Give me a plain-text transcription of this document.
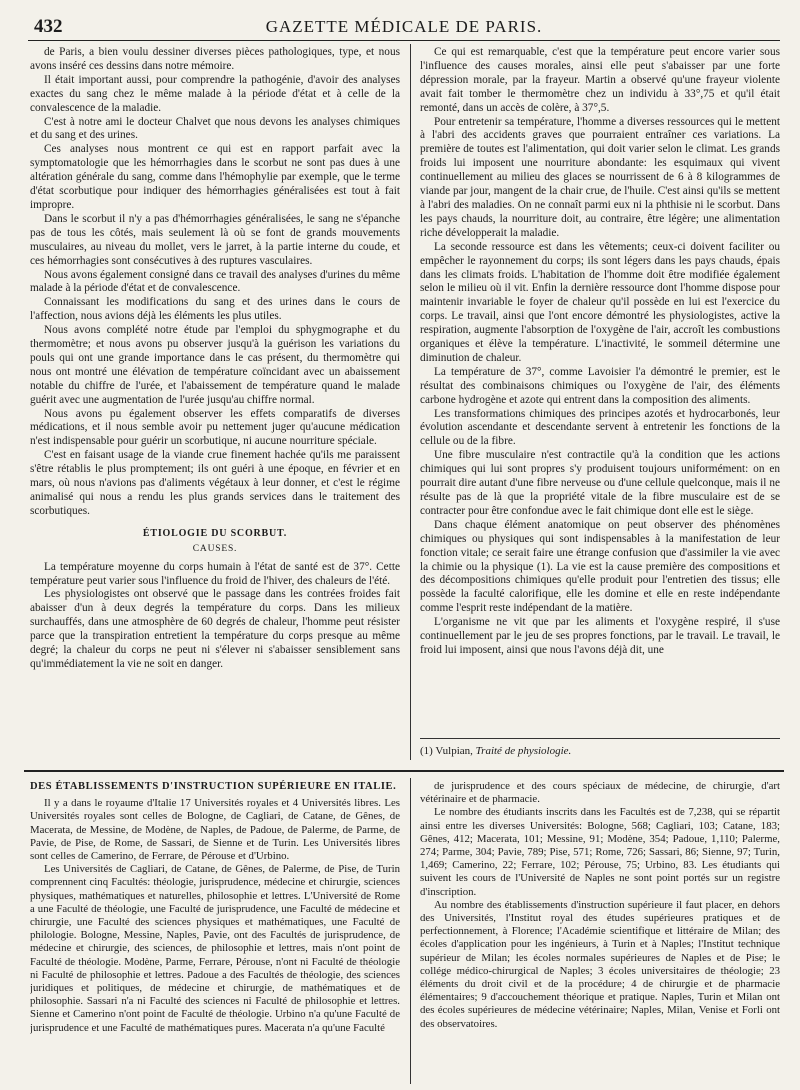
432	GAZETTE MÉDICALE DE PARIS.

de Paris, a bien voulu dessiner diverses pièces pathologiques, type, et nous avons inséré ces dessins dans notre mémoire.

Il était important aussi, pour comprendre la pathogénie, d'avoir des analyses exactes du sang chez le même malade à la période d'état et à celle de la convalescence de la maladie.

C'est à notre ami le docteur Chalvet que nous devons les analyses chimiques et du sang et des urines.

Ces analyses nous montrent ce qui est en rapport parfait avec la symptomatologie que les hémorrhagies dans le scorbut ne sont pas dues à une altération générale du sang, comme dans l'hémophylie par exemple, que le terme d'état scorbutique pour indiquer des hémorrhagies généralisées est tout à fait impropre.

Dans le scorbut il n'y a pas d'hémorrhagies généralisées, le sang ne s'épanche pas de tous les côtés, mais seulement là où se font de grands mouvements musculaires, au niveau du mollet, vers le jarret, à la partie interne du coude, et ces hémorrhagies sont consécutives à des ruptures vasculaires.

Nous avons également consigné dans ce travail des analyses d'urines du même malade à la période d'état et de convalescence.

Connaissant les modifications du sang et des urines dans le cours de l'affection, nous avions déjà les éléments les plus utiles.

Nous avons complété notre étude par l'emploi du sphygmographe et du thermomètre; et nous avons pu observer jusqu'à la guérison les variations du pouls qui ont une grande importance dans le cas présent, du thermomètre qui nous ont montré une élévation de température coïncidant avec un abaissement notable du chiffre de l'urée, et l'abaissement de température quand le malade guérit avec une augmentation de l'urée jusqu'au chiffre normal.

Nous avons pu également observer les effets comparatifs de diverses médications, et il nous semble avoir pu nettement juger qu'aucune médication n'est indispensable pour guérir un scorbutique, ni aucune nourriture spéciale.

C'est en faisant usage de la viande crue finement hachée qu'ils me paraissent s'être rétablis le plus promptement; ils ont guéri à une époque, en février et en mars, où nous n'avions pas d'aliments végétaux à leur donner, et c'est le régime animalisé qui nous a rendu les plus grands services dans le traitement des scorbutiques.

ÉTIOLOGIE DU SCORBUT.
CAUSES.

La température moyenne du corps humain à l'état de santé est de 37°. Cette température peut varier sous l'influence du froid de l'hiver, des chaleurs de l'été.

Les physiologistes ont observé que le passage dans les contrées froides fait abaisser d'un à deux degrés la température du corps. Dans les milieux surchauffés, dans une atmosphère de 60 degrés de chaleur, l'homme peut résister parce que la transpiration entretient la température du corps presque au même degré; la chaleur du corps ne peut ni s'élever ni s'abaisser sensiblement sans qu'immédiatement la vie ne soit en danger.

Ce qui est remarquable, c'est que la température peut encore varier sous l'influence des causes morales, ainsi elle peut s'abaisser par une forte dépression morale, par la frayeur. Martin a observé qu'une frayeur violente avait fait tomber le thermomètre chez un individu à 33°,75 et qu'il était remonté, dans un accès de colère, à 37°,5.

Pour entretenir sa température, l'homme a diverses ressources qui le mettent à l'abri des accidents graves que pourraient entraîner ces variations. La première de toutes est l'alimentation, qui doit varier selon le climat. Les grands froids lui imposent une nourriture abondante: les esquimaux qui vivent continuellement au milieu des glaces se nourrissent de 6 à 8 kilogrammes de viande par jour, mangent de la chair crue, de l'huile. C'est ainsi qu'ils se mettent à l'abri des maladies. On ne connaît parmi eux ni la phthisie ni le scorbut. Dans les pays chauds, la nourriture doit, au contraire, être légère; une alimentation riche développerait la maladie.

La seconde ressource est dans les vêtements; ceux-ci doivent faciliter ou empêcher le rayonnement du corps; ils sont légers dans les pays chauds, épais dans les climats froids. L'habitation de l'homme doit être modifiée également selon le milieu où il vit. Enfin la dernière ressource dont l'homme dispose pour maintenir invariable le foyer de chaleur qu'il possède en lui est l'exercice du corps. Le travail, ainsi que l'ont encore démontré les physiologistes, active la respiration, augmente l'absorption de l'oxygène de l'air, accroît les combustions organiques et élève la température. L'inactivité, le sommeil détermine une diminution de chaleur.

La température de 37°, comme Lavoisier l'a démontré le premier, est le résultat des combinaisons chimiques ou l'oxygène de l'air, des éléments carbone hydrogène et azote qui entrent dans la composition des aliments.

Les transformations chimiques des principes azotés et hydrocarbonés, leur évolution ascendante et descendante servent à entretenir les fonctions de la cellule ou de la fibre.

Une fibre musculaire n'est contractile qu'à la condition que les actions chimiques qui lui sont propres s'y produisent toujours uniformément: on en pourrait dire autant d'une fibre nerveuse ou d'une cellule quelconque, mais il ne résulte pas de là que la propriété vitale de la fibre musculaire est de se contracter pour être confondue avec le fait chimique dont elle est le siège.

Dans chaque élément anatomique on peut observer des phénomènes chimiques ou physiques qui sont indispensables à la manifestation de leur fonction vitale; ce serait faire une étrange confusion que d'assimiler la vie avec la chimie ou la physique (1). La vie est la cause première des compositions et des décompositions chimiques qu'elle produit pour l'entretien des tissus; elle possède la faculté calorifique, elle les domine et elle en reste indépendante comme l'esprit reste indépendant de la matière.

L'organisme ne vit que par les aliments et l'oxygène respiré, il s'use continuellement par le jeu de ses propres fonctions, par le travail. Le travail, le froid lui imposent, ainsi que nous l'avons déjà dit, une

(1) Vulpian, Traité de physiologie.
DES ÉTABLISSEMENTS D'INSTRUCTION SUPÉRIEURE EN ITALIE.

Il y a dans le royaume d'Italie 17 Universités royales et 4 Universités libres. Les Universités royales sont celles de Bologne, de Cagliari, de Catane, de Gênes, de Macerata, de Messine, de Modène, de Naples, de Padoue, de Palerme, de Parme, de Pavie, de Pise, de Rome, de Sassari, de Sienne et de Turin. Les Universités libres sont celles de Camerino, de Ferrare, de Pérouse et d'Urbino.

Les Universités de Cagliari, de Catane, de Gênes, de Palerme, de Pise, de Turin comprennent cinq Facultés: théologie, jurisprudence, médecine et chirurgie, sciences physiques, mathématiques et naturelles, philosophie et lettres. L'Université de Rome a une Faculté de théologie, une Faculté de jurisprudence, une Faculté de médecine et chirurgie, une Faculté des sciences physiques et mathématiques, une Faculté de philologie. Bologne, Messine, Naples, Pavie, ont des Facultés de jurisprudence, de médecine et chirurgie, des sciences, de philosophie et lettres, mais n'ont point de Faculté de théologie. Modène, Parme, Ferrare, Pérouse, n'ont ni Faculté de théologie ni Faculté de philosophie et lettres. Padoue a des Facultés de théologie, des sciences juridiques et politiques, de médecine et chirurgie, de mathématiques et de philosophie. Sassari n'a ni Faculté des sciences ni Faculté de philosophie et lettres. Sienne et Camerino n'ont point de Faculté de théologie. Urbino n'a qu'une Faculté de jurisprudence et une Faculté de mathématiques pures. Macerata n'a qu'une Faculté

de jurisprudence et des cours spéciaux de médecine, de chirurgie, d'art vétérinaire et de pharmacie.

Le nombre des étudiants inscrits dans les Facultés est de 7,238, qui se répartit ainsi entre les diverses Universités: Bologne, 568; Cagliari, 103; Catane, 183; Gênes, 412; Macerata, 101; Messine, 91; Modène, 354; Padoue, 1,110; Palerme, 274; Parme, 304; Pavie, 789; Pise, 571; Rome, 726; Sassari, 86; Sienne, 97; Turin, 1,469; Camerino, 22; Ferrare, 102; Pérouse, 75; Urbino, 83. Les étudiants qui suivent les cours de l'Université de Naples ne sont point portés sur un registre d'inscription.

Au nombre des établissements d'instruction supérieure il faut placer, en dehors des Universités, l'Institut royal des études supérieures pratiques et de perfectionnement, à Florence; l'Académie scientifique et littéraire de Milan; des écoles d'application pour les ingénieurs, à Turin et à Naples; l'Institut technique supérieur de Milan; les écoles normales supérieures de Naples et de Pise; le collége médico-chirurgical de Naples; 3 écoles universitaires de théologie; 23 éléments du droit civil et de la procédure; 4 de chirurgie et de pharmacie élémentaires; 9 d'accouchement théorique et pratique. Naples, Turin et Milan ont des écoles supérieures de médecine vétérinaire; Naples, Milan, Venise et Forli ont des observatoires.
